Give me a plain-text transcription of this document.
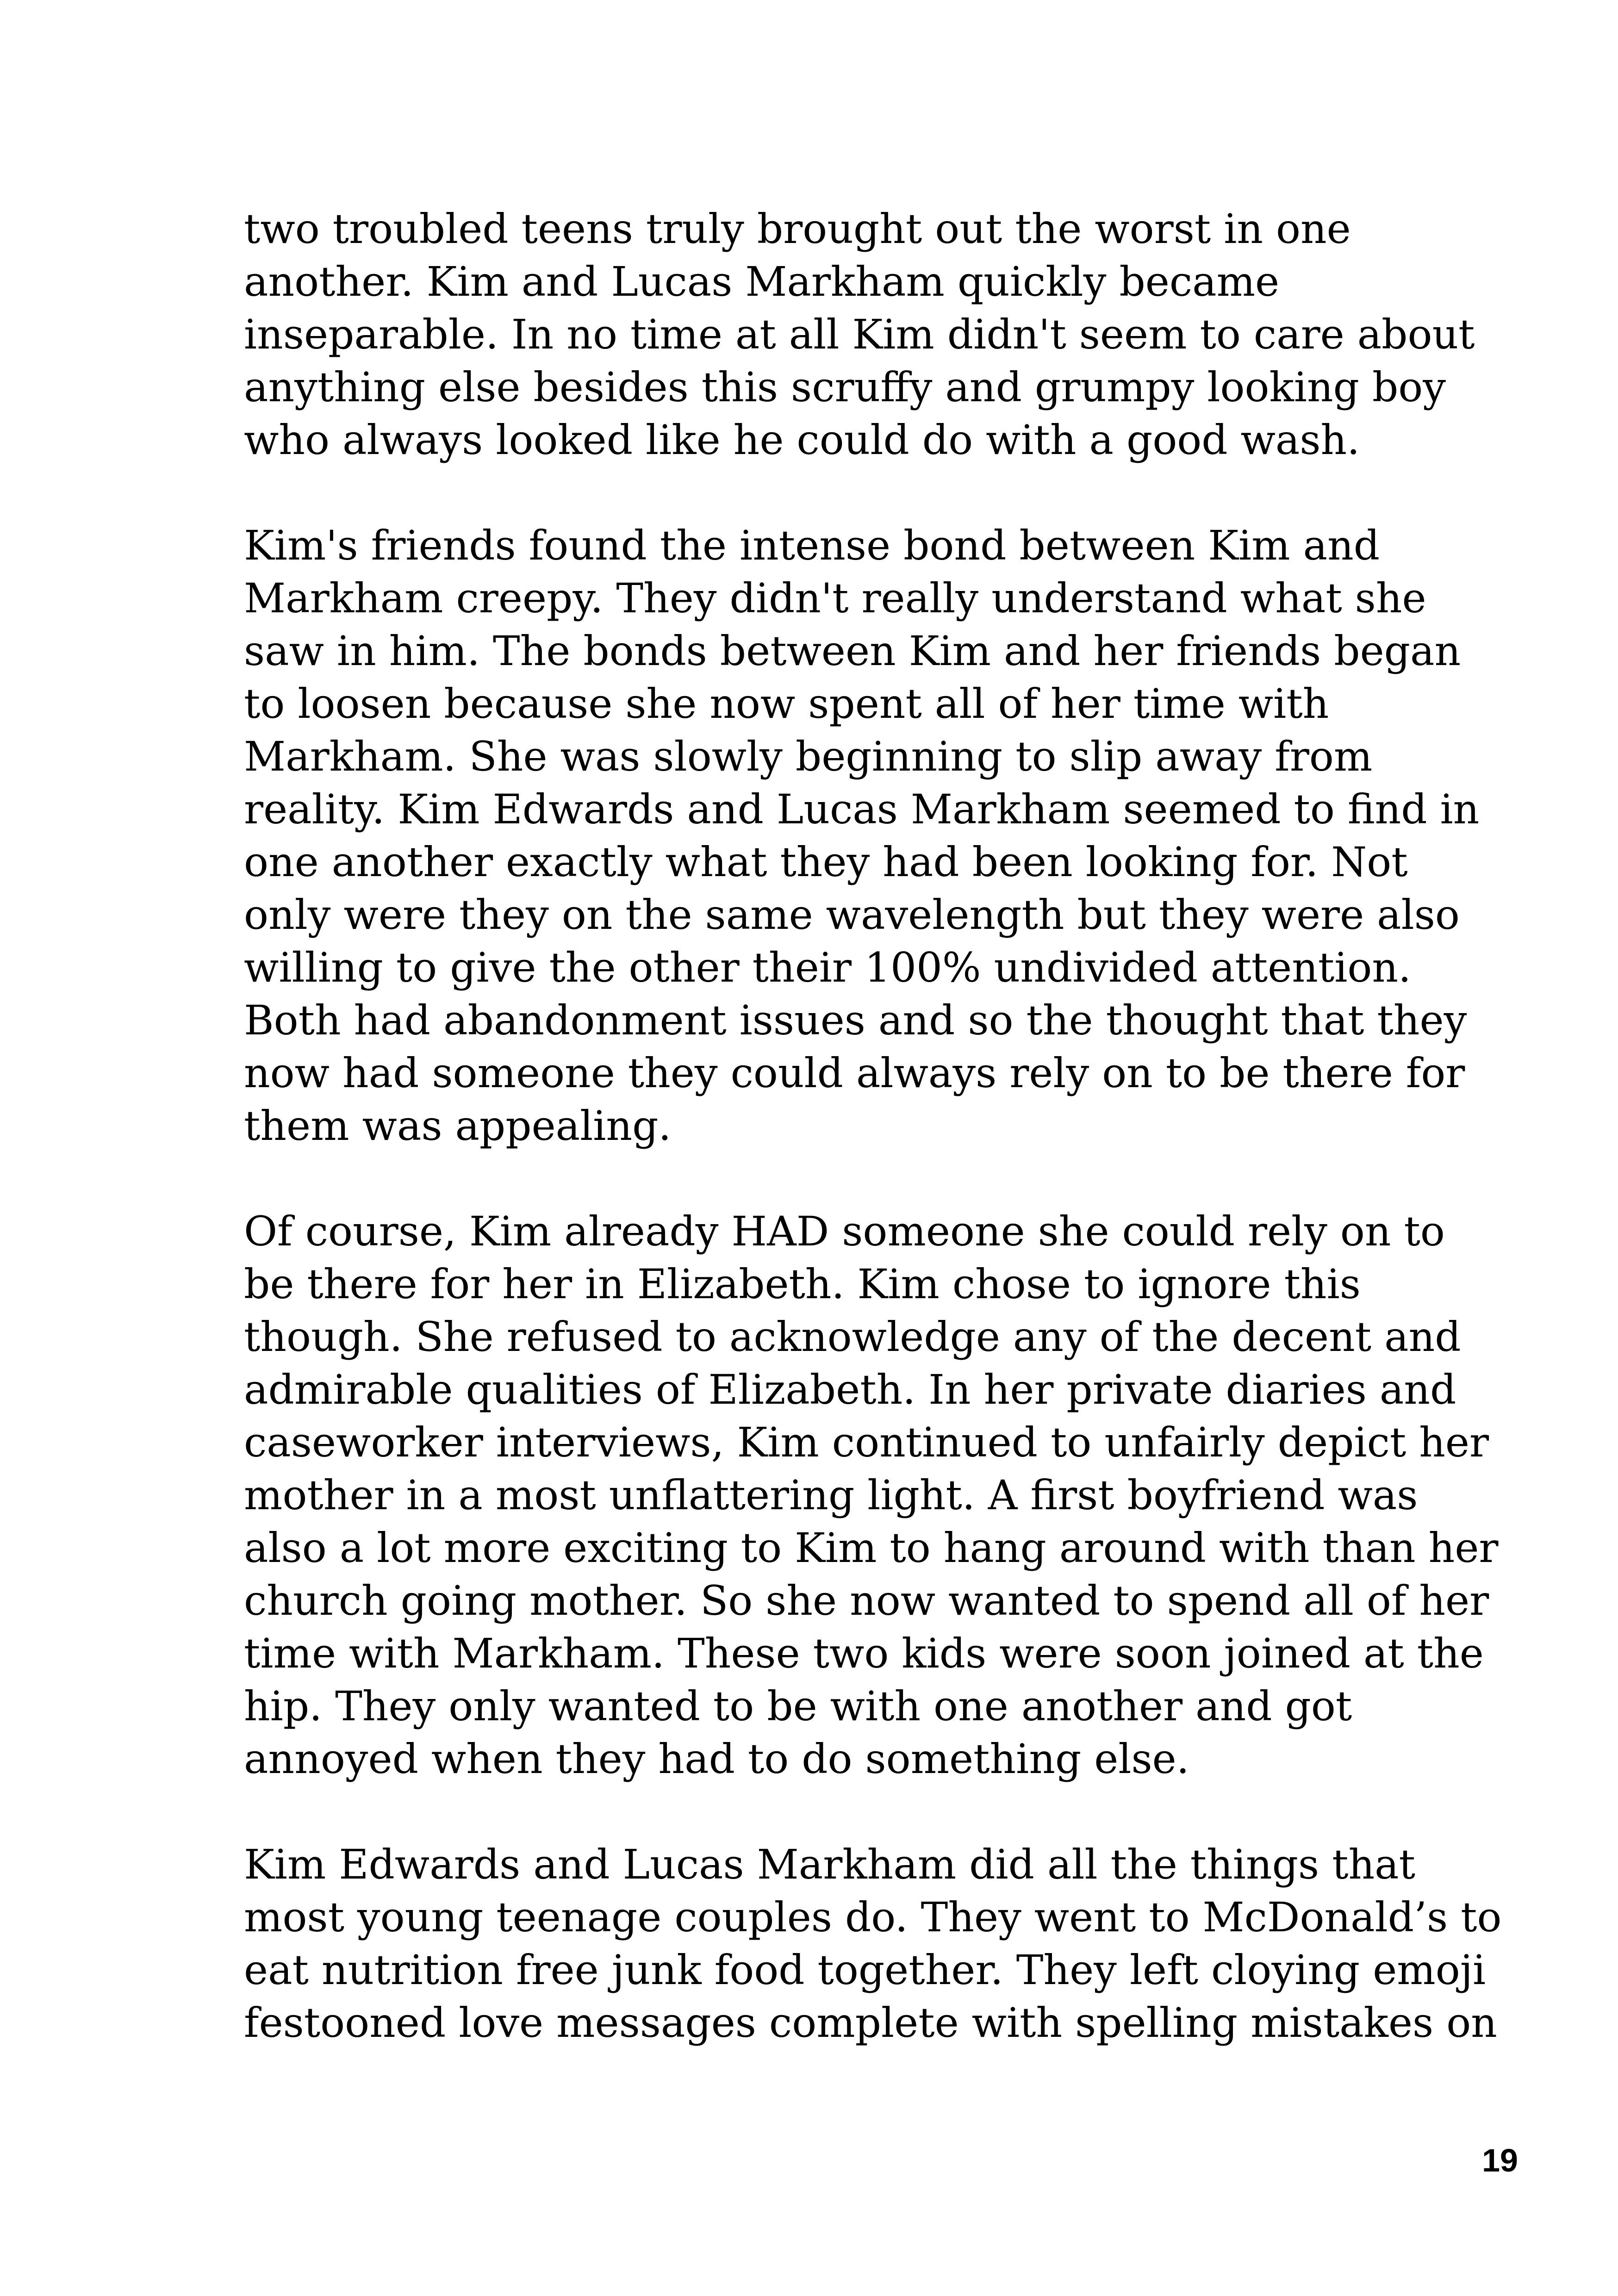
two troubled teens truly brought out the worst in one
another. Kim and Lucas Markham quickly became
inseparable. In no time at all Kim didn't seem to care about
anything else besides this scruffy and grumpy looking boy
who always looked like he could do with a good wash.

Kim's friends found the intense bond between Kim and
Markham creepy. They didn't really understand what she
saw in him. The bonds between Kim and her friends began
to loosen because she now spent all of her time with
Markham. She was slowly beginning to slip away from
reality. Kim Edwards and Lucas Markham seemed to find in
one another exactly what they had been looking for. Not
only were they on the same wavelength but they were also
willing to give the other their 100% undivided attention.
Both had abandonment issues and so the thought that they
now had someone they could always rely on to be there for
them was appealing.

Of course, Kim already HAD someone she could rely on to
be there for her in Elizabeth. Kim chose to ignore this
though. She refused to acknowledge any of the decent and
admirable qualities of Elizabeth. In her private diaries and
caseworker interviews, Kim continued to unfairly depict her
mother in a most unflattering light. A first boyfriend was
also a lot more exciting to Kim to hang around with than her
church going mother. So she now wanted to spend all of her
time with Markham. These two kids were soon joined at the
hip. They only wanted to be with one another and got
annoyed when they had to do something else.

Kim Edwards and Lucas Markham did all the things that
most young teenage couples do. They went to McDonald’s to
eat nutrition free junk food together. They left cloying emoji
festooned love messages complete with spelling mistakes on

19
